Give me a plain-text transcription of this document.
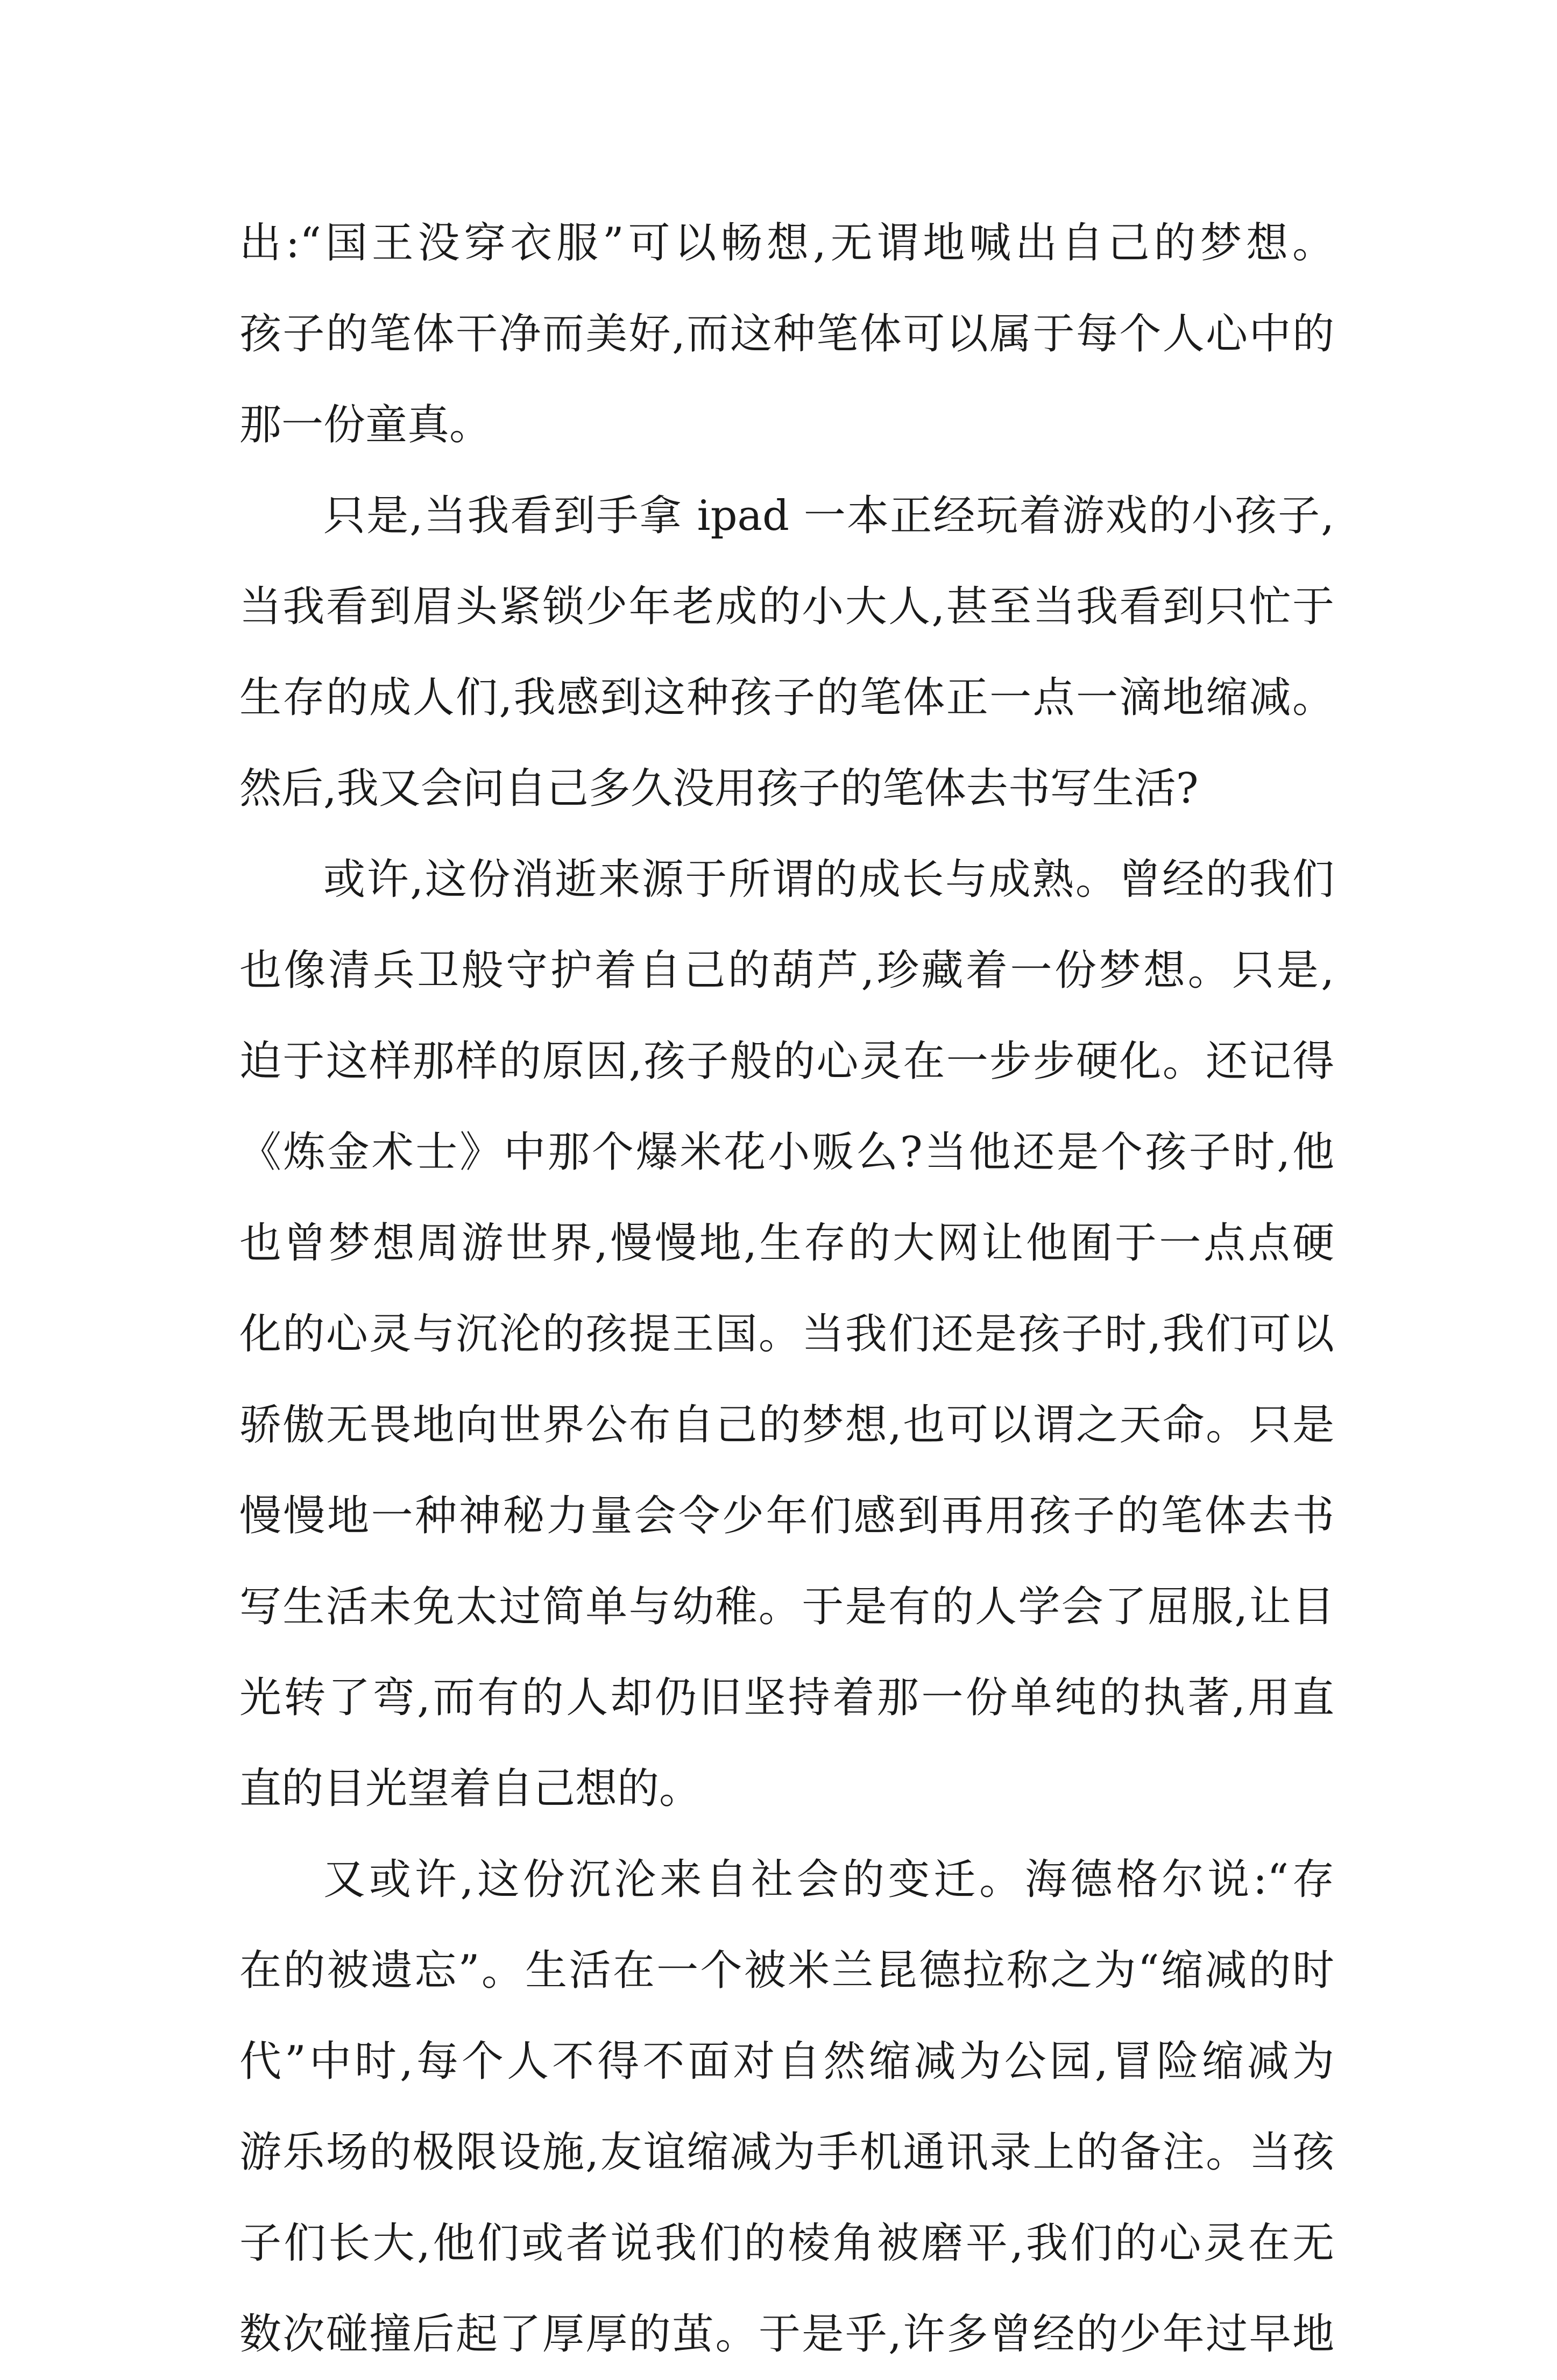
出:“国王没穿衣服”可以畅想,无谓地喊出自己的梦想。
孩子的笔体干净而美好,而这种笔体可以属于每个人心中的
那一份童真。
只是,当我看到手拿 ipad 一本正经玩着游戏的小孩子,
当我看到眉头紧锁少年老成的小大人,甚至当我看到只忙于
生存的成人们,我感到这种孩子的笔体正一点一滴地缩减。
然后,我又会问自己多久没用孩子的笔体去书写生活?
或许,这份消逝来源于所谓的成长与成熟。曾经的我们
也像清兵卫般守护着自己的葫芦,珍藏着一份梦想。只是,
迫于这样那样的原因,孩子般的心灵在一步步硬化。还记得
《炼金术士》中那个爆米花小贩么?当他还是个孩子时,他
也曾梦想周游世界,慢慢地,生存的大网让他囿于一点点硬
化的心灵与沉沦的孩提王国。当我们还是孩子时,我们可以
骄傲无畏地向世界公布自己的梦想,也可以谓之天命。只是
慢慢地一种神秘力量会令少年们感到再用孩子的笔体去书
写生活未免太过简单与幼稚。于是有的人学会了屈服,让目
光转了弯,而有的人却仍旧坚持着那一份单纯的执著,用直
直的目光望着自己想的。
又或许,这份沉沦来自社会的变迁。海德格尔说:“存
在的被遗忘”。生活在一个被米兰昆德拉称之为“缩减的时
代”中时,每个人不得不面对自然缩减为公园,冒险缩减为
游乐场的极限设施,友谊缩减为手机通讯录上的备注。当孩
子们长大,他们或者说我们的棱角被磨平,我们的心灵在无
数次碰撞后起了厚厚的茧。于是乎,许多曾经的少年过早地
